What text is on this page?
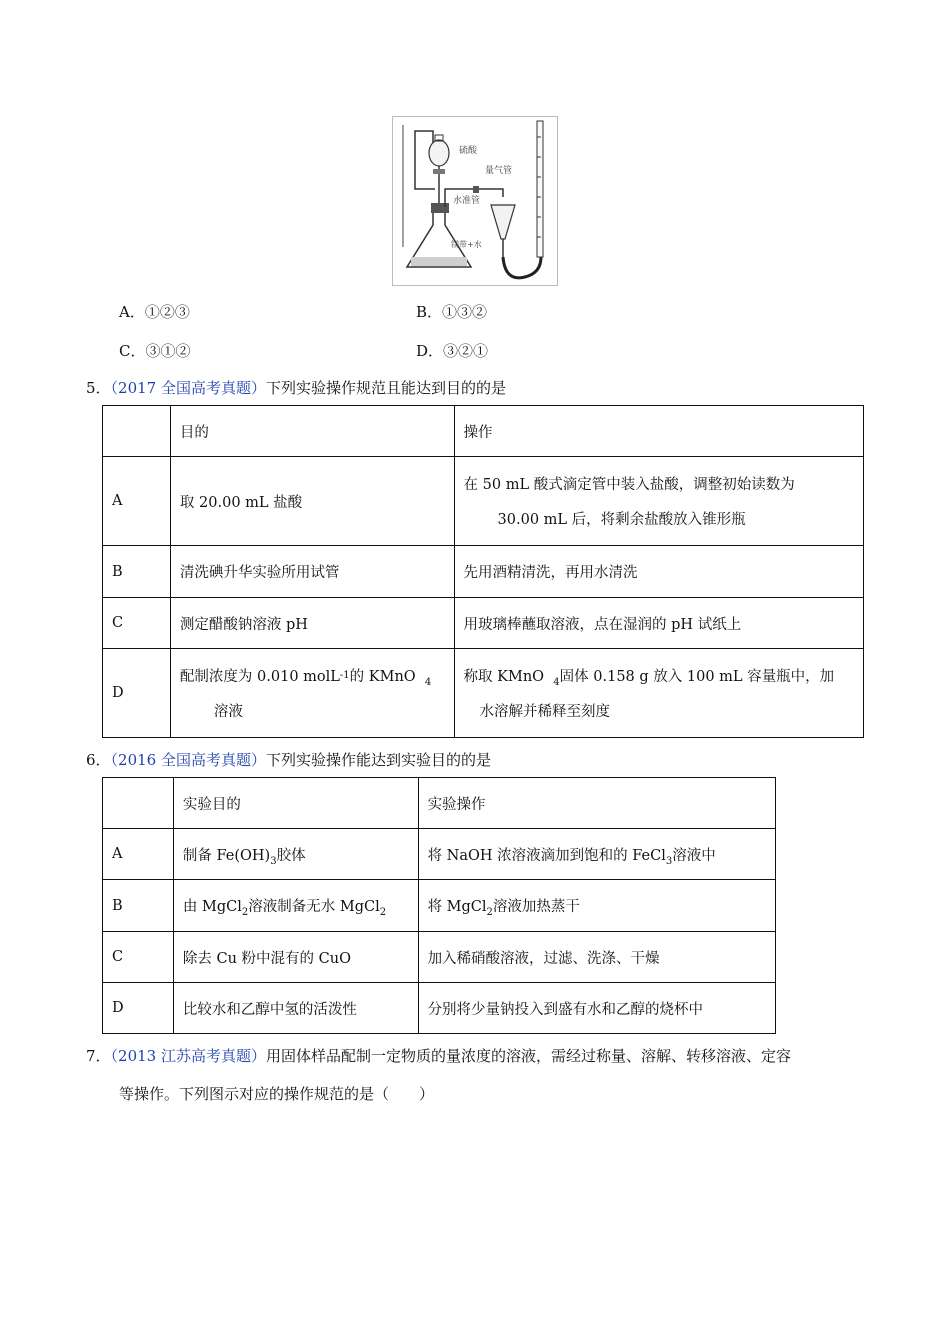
硫酸
量气管
水准管
镁带+水
A．①②③	B．①③②
C．③①②	D．③②①
5．（2017 全国高考真题）下列实验操作规范且能达到目的的是
	目的	操作
A	取 20.00 mL 盐酸	在 50 mL 酸式滴定管中装入盐酸，调整初始读数为
30.00 mL 后，将剩余盐酸放入锥形瓶

B	清洗碘升华实验所用试管	先用酒精清洗，再用水清洗
C	测定醋酸钠溶液 pH	用玻璃棒蘸取溶液，点在湿润的 pH 试纸上
D	配制浓度为 0.010 molL$^{-1}$的 KMnO $_4$
溶液	称取 KMnO $_4$固体 0.158 g 放入 100 mL 容量瓶中，加
水溶解并稀释至刻度
6．（2016 全国高考真题）下列实验操作能达到实验目的的是
	实验目的	实验操作
A	制备 $Fe(OH)_3$胶体	将 NaOH 浓溶液滴加到饱和的 FeCl$_3$溶液中
B	由 MgCl$_2$溶液制备无水 MgCl$_2$	将 MgCl$_2$溶液加热蒸干
C	除去 Cu 粉中混有的 CuO	加入稀硝酸溶液，过滤、洗涤、干燥
D	比较水和乙醇中氢的活泼性	分别将少量钠投入到盛有水和乙醇的烧杯中
7．（2013 江苏高考真题）用固体样品配制一定物质的量浓度的溶液，需经过称量、溶解、转移溶液、定容
等操作。下列图示对应的操作规范的是（　　）
